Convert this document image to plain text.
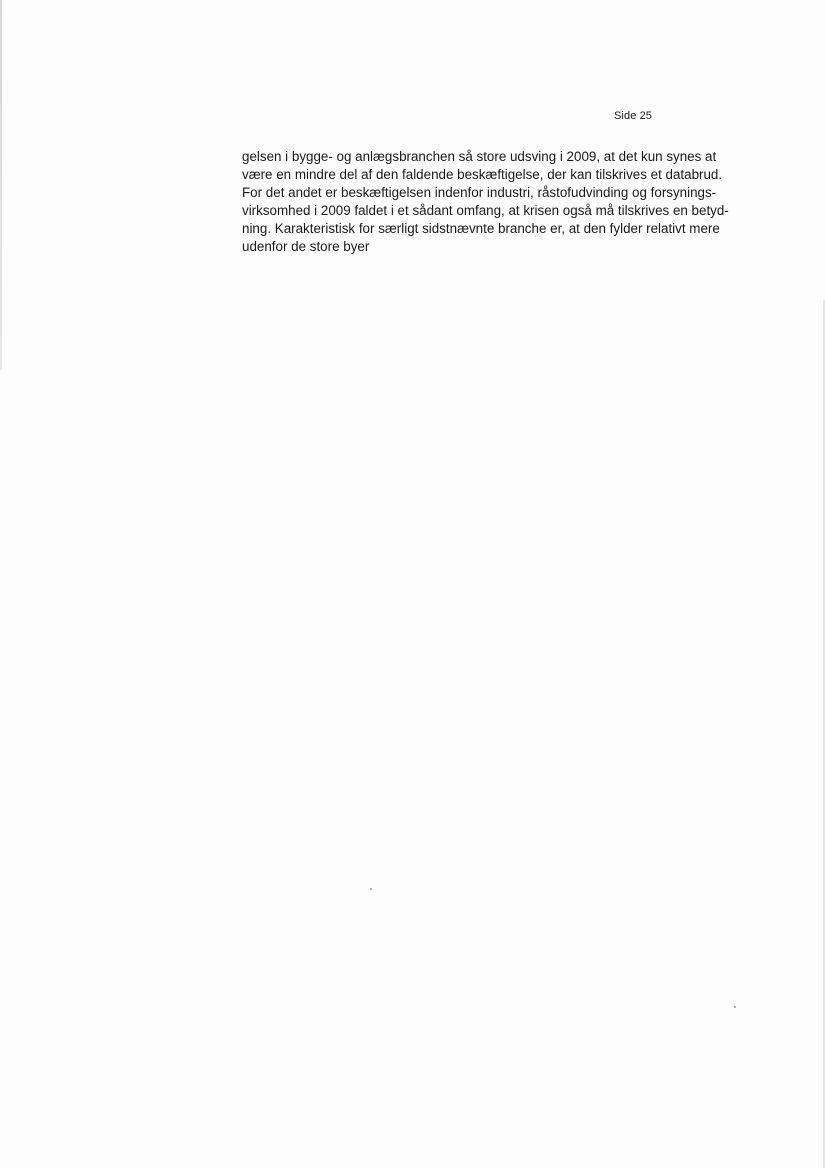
Side 25

gelsen i bygge- og anlægsbranchen så store udsving i 2009, at det kun synes at
være en mindre del af den faldende beskæftigelse, der kan tilskrives et databrud.
For det andet er beskæftigelsen indenfor industri, råstofudvinding og forsynings-
virksomhed i 2009 faldet i et sådant omfang, at krisen også må tilskrives en betyd-
ning. Karakteristisk for særligt sidstnævnte branche er, at den fylder relativt mere
udenfor de store byer
